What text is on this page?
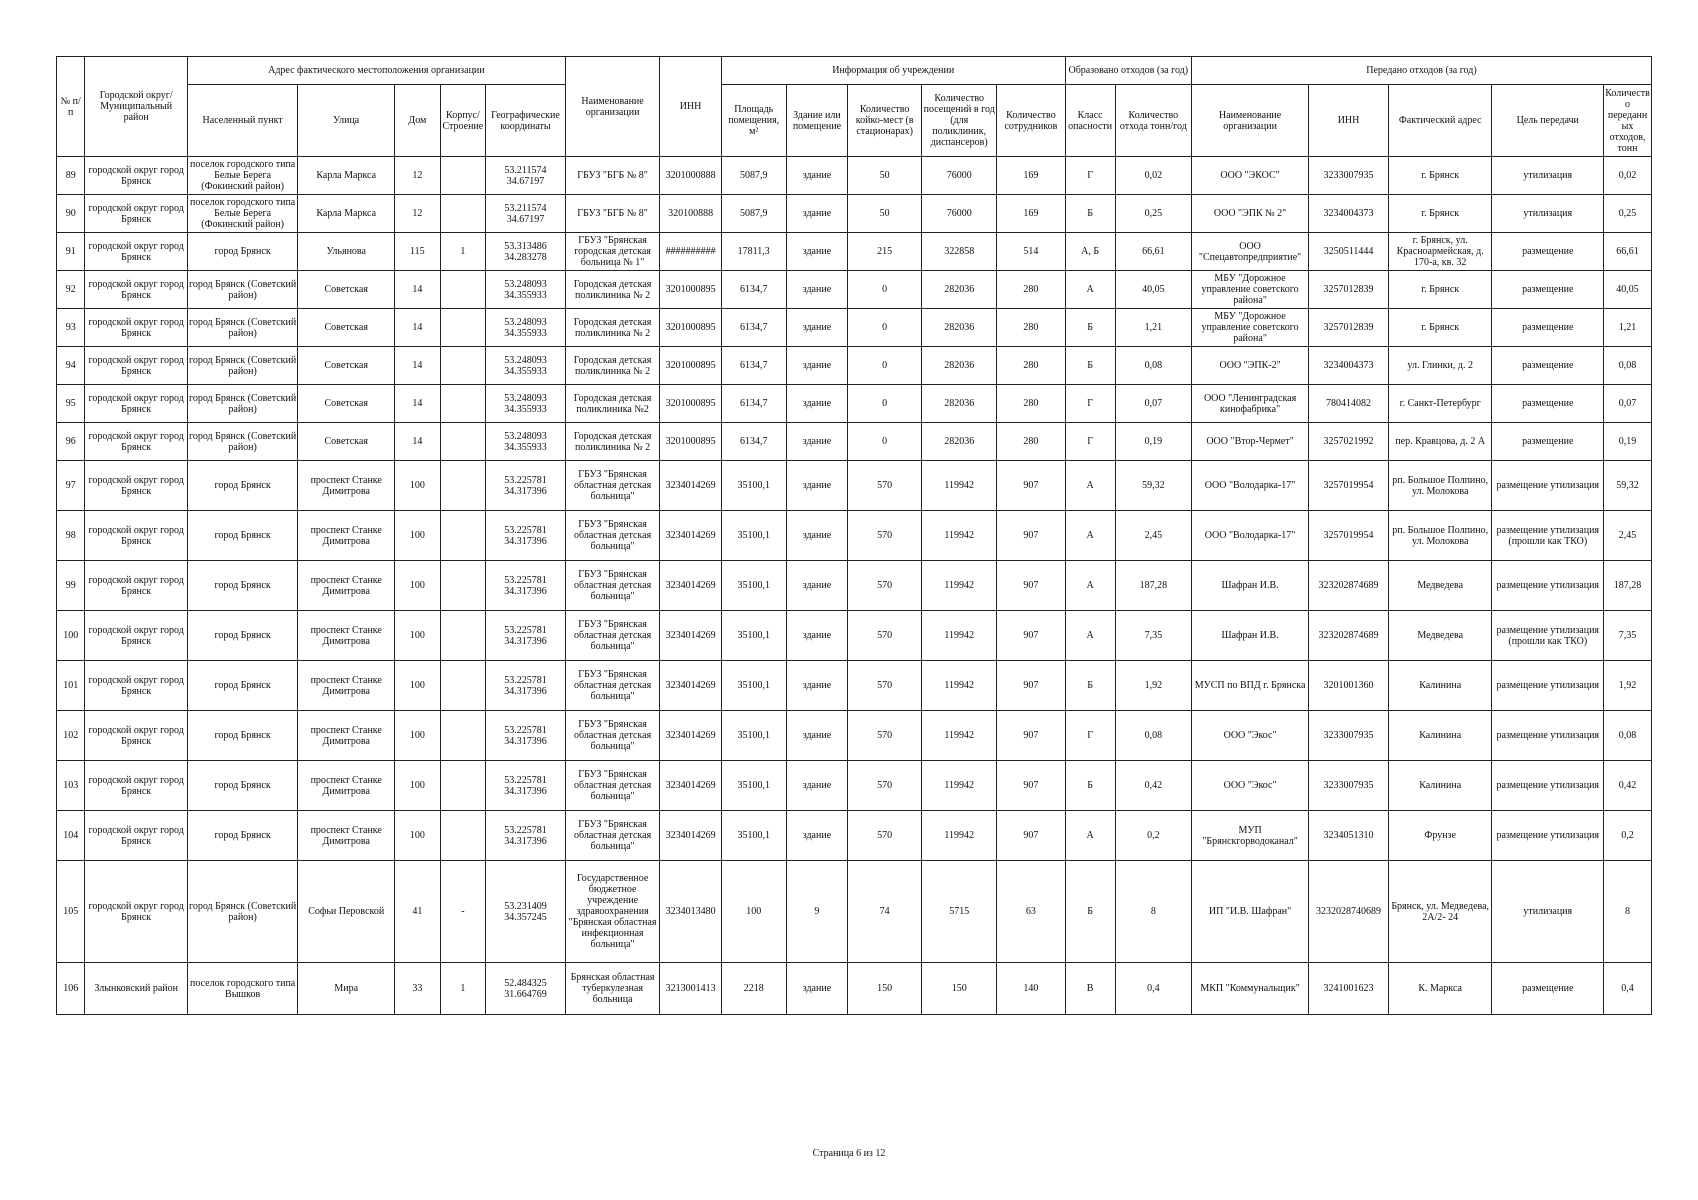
№ п/п	Городской округ/Муниципальный район	Адрес фактического местоположения организации					Наименование организации	ИНН	Информация об учреждении					Образовано отходов (за год)		Передано отходов (за год)				
		Населенный пункт	Улица	Дом	Корпус/Строение	Географические координаты			Площадь помещения, м²	Здание или помещение	Количество койко-мест (в стационарах)	Количество посещений в год (для поликлиник, диспансеров)	Количество сотрудников	Класс опасности	Количество отхода тонн/год	Наименование организации	ИНН	Фактический адрес	Цель передачи	Количество переданных отходов, тонн
89	городской округ город Брянск	поселок городского типа Белые Берега (Фокинский район)	Карла Маркса	12		53.211574 34.67197	ГБУЗ "БГБ № 8"	3201000888	5087,9	здание	50	76000	169	Г	0,02	ООО "ЭКОС"	3233007935	г. Брянск	утилизация	0,02
90	городской округ город Брянск	поселок городского типа Белые Берега (Фокинский район)	Карла Маркса	12		53.211574 34.67197	ГБУЗ "БГБ № 8"	320100888	5087,9	здание	50	76000	169	Б	0,25	ООО "ЭПК № 2"	3234004373	г. Брянск	утилизация	0,25
91	городской округ город Брянск	город Брянск	Ульянова	115	1	53.313486 34.283278	ГБУЗ "Брянская городская детская больница № 1"	##########	17811,3	здание	215	322858	514	А, Б	66,61	ООО "Спецавтопредприятие"	3250511444	г. Брянск, ул. Красноармейская, д. 170-а, кв. 32	размещение	66,61
92	городской округ город Брянск	город Брянск (Советский район)	Советская	14		53.248093 34.355933	Городская детская поликлиника № 2	3201000895	6134,7	здание	0	282036	280	А	40,05	МБУ "Дорожное управление советского района"	3257012839	г. Брянск	размещение	40,05
93	городской округ город Брянск	город Брянск (Советский район)	Советская	14		53.248093 34.355933	Городская детская поликлиника № 2	3201000895	6134,7	здание	0	282036	280	Б	1,21	МБУ "Дорожное управление советского района"	3257012839	г. Брянск	размещение	1,21
94	городской округ город Брянск	город Брянск (Советский район)	Советская	14		53.248093 34.355933	Городская детская поликлиника № 2	3201000895	6134,7	здание	0	282036	280	Б	0,08	ООО "ЭПК-2"	3234004373	ул. Глинки, д. 2	размещение	0,08
95	городской округ город Брянск	город Брянск (Советский район)	Советская	14		53.248093 34.355933	Городская детская поликлиника №2	3201000895	6134,7	здание	0	282036	280	Г	0,07	ООО "Ленинградская кинофабрика"	780414082	г. Санкт-Петербург	размещение	0,07
96	городской округ город Брянск	город Брянск (Советский район)	Советская	14		53.248093 34.355933	Городская детская поликлиника № 2	3201000895	6134,7	здание	0	282036	280	Г	0,19	ООО "Втор-Чермет"	3257021992	пер. Кравцова, д. 2 А	размещение	0,19
97	городской округ город Брянск	город Брянск	проспект Станке Димитрова	100		53.225781 34.317396	ГБУЗ "Брянская областная детская больница"	3234014269	35100,1	здание	570	119942	907	А	59,32	ООО "Володарка-17"	3257019954	рп. Большое Полпино, ул. Молокова	размещение утилизация	59,32
98	городской округ город Брянск	город Брянск	проспект Станке Димитрова	100		53.225781 34.317396	ГБУЗ "Брянская областная детская больница"	3234014269	35100,1	здание	570	119942	907	А	2,45	ООО "Володарка-17"	3257019954	рп. Большое Полпино, ул. Молокова	размещение утилизация (прошли как ТКО)	2,45
99	городской округ город Брянск	город Брянск	проспект Станке Димитрова	100		53.225781 34.317396	ГБУЗ "Брянская областная детская больница"	3234014269	35100,1	здание	570	119942	907	А	187,28	Шафран И.В.	323202874689	Медведева	размещение утилизация	187,28
100	городской округ город Брянск	город Брянск	проспект Станке Димитрова	100		53.225781 34.317396	ГБУЗ "Брянская областная детская больница"	3234014269	35100,1	здание	570	119942	907	А	7,35	Шафран И.В.	323202874689	Медведева	размещение утилизация (прошли как ТКО)	7,35
101	городской округ город Брянск	город Брянск	проспект Станке Димитрова	100		53.225781 34.317396	ГБУЗ "Брянская областная детская больница"	3234014269	35100,1	здание	570	119942	907	Б	1,92	МУСП по ВПД г. Брянска	3201001360	Калинина	размещение утилизация	1,92
102	городской округ город Брянск	город Брянск	проспект Станке Димитрова	100		53.225781 34.317396	ГБУЗ "Брянская областная детская больница"	3234014269	35100,1	здание	570	119942	907	Г	0,08	ООО "Экос"	3233007935	Калинина	размещение утилизация	0,08
103	городской округ город Брянск	город Брянск	проспект Станке Димитрова	100		53.225781 34.317396	ГБУЗ "Брянская областная детская больница"	3234014269	35100,1	здание	570	119942	907	Б	0,42	ООО "Экос"	3233007935	Калинина	размещение утилизация	0,42
104	городской округ город Брянск	город Брянск	проспект Станке Димитрова	100		53.225781 34.317396	ГБУЗ "Брянская областная детская больница"	3234014269	35100,1	здание	570	119942	907	А	0,2	МУП "Брянскгорводоканал"	3234051310	Фрунзе	размещение утилизация	0,2
105	городской округ город Брянск	город Брянск (Советский район)	Софьи Перовской	41	-	53.231409 34.357245	Государственное бюджетное учреждение здравоохранения "Брянская областная инфекционная больница"	3234013480	100	9	74	5715	63	Б	8	ИП "И.В. Шафран"	3232028740689	Брянск, ул. Медведева, 2А/2- 24	утилизация	8
106	Злынковский район	поселок городского типа Вышков	Мира	33	1	52.484325 31.664769	Брянская областная туберкулезная больница	3213001413	2218	здание	150	150	140	В	0,4	МКП "Коммунальщик"	3241001623	К. Маркса	размещение	0,4
Страница 6 из 12
